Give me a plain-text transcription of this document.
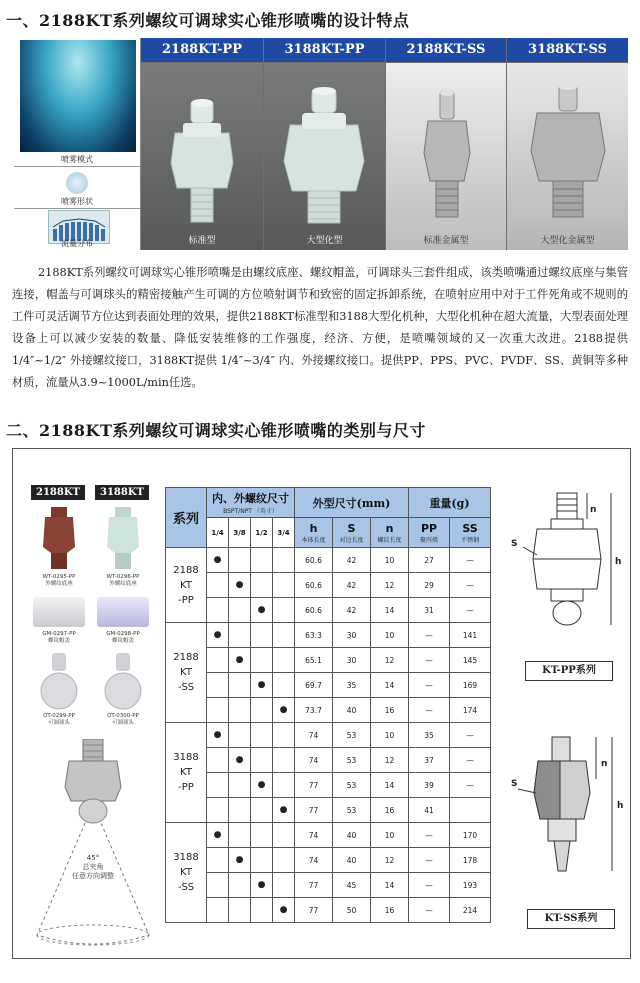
一、2188KT系列螺纹可调球实心锥形喷嘴的设计特点
喷雾模式
喷雾形状
流量分布
2188KT-PP	3188KT-PP	2188KT-SS	3188KT-SS
标准型	大型化型	标准金属型	大型化金属型
2188KT系列螺纹可调球实心锥形喷嘴是由螺纹底座、螺纹帽盖，可调球头三套件组成，该类喷嘴通过螺纹底座与集管连接，帽盖与可调球头的精密接触产生可调的方位喷射调节和致密的固定拆卸系统，在喷射应用中对于工件死角或不规则的工件可灵活调节方位达到表面处理的效果，提供2188KT标准型和3188大型化机种，大型化机种在超大流量，大型表面处理设备上可以减少安装的数量、降低安装维修的工作强度，经济、方便，是喷嘴领域的又一次重大改进。2188提供 1/4″~1/2″ 外接螺纹接口，3188KT提供 1/4″~3/4″ 内、外接螺纹接口。提供PP、PPS、PVC、PVDF、SS、黄铜等多种材质，流量从3.9~1000L/min任选。
二、2188KT系列螺纹可调球实心锥形喷嘴的类别与尺寸
2188KT	3188KT
WT-0295-PP
外螺纹底座
WT-0296-PP
外螺纹底座
GM-0297-PP
螺纹帽盖
GM-0298-PP
螺纹帽盖
QT-0299-PP
可调球头
QT-0300-PP
可调球头
45°
总夹角
任意方向调整
系列	内、外螺纹尺寸
BSPT/NPT （英寸）				外型尺寸(mm)			重量(g)	
	1/4	3/8	1/2	3/4	h
本体长度	S
对边长度	n
螺纹长度	PP
聚丙烯	SS
不锈钢

2188
KT
-PP	●				60.6	42	10	27	—
		●			60.6	42	12	29	—
			●		60.6	42	14	31	—
2188
KT
-SS	●				63.3	30	10	—	141
		●			65.1	30	12	—	145
			●		69.7	35	14	—	169
				●	73.7	40	16	—	174
3188
KT
-PP	●				74	53	10	35	—
		●			74	53	12	37	—
			●		77	53	14	39	—
				●	77	53	16	41	
3188
KT
-SS	●				74	40	10	—	170
		●			74	40	12	—	178
			●		77	45	14	—	193
				●	77	50	16	—	214
n
S
h
KT-PP系列
n
S
h
KT-SS系列
